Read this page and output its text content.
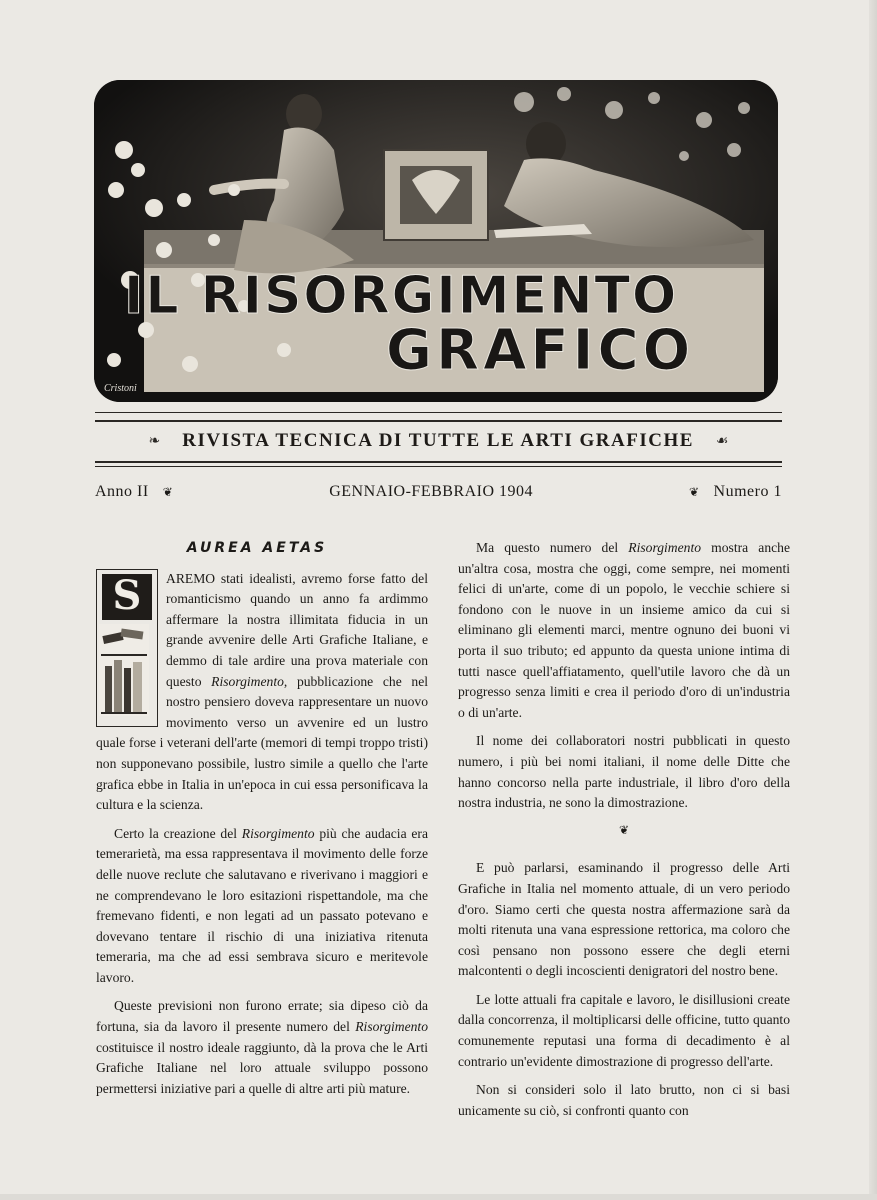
IL RISORGIMENTO
GRAFICO
Cristoni
❧ RIVISTA TECNICA DI TUTTE LE ARTI GRAFICHE ☙
Anno II ❦	GENNAIO-FEBBRAIO 1904	❦ Numero 1
AUREA AETAS
S	AREMO stati idealisti, avremo forse fatto del romanticismo quando un anno fa ardimmo affermare la nostra illimitata fiducia in un grande avvenire delle Arti Grafiche Italiane, e demmo di tale ardire una prova materiale con questo Risorgimento, pubblicazione che nel nostro pensiero doveva rappresentare un nuovo movimento verso un avvenire ed un lustro quale forse i veterani dell'arte (memori di tempi troppo tristi) non supponevano possibile, lustro simile a quello che l'arte grafica ebbe in Italia in un'epoca in cui essa personificava la cultura e la scienza.

Certo la creazione del Risorgimento più che audacia era temerarietà, ma essa rappresentava il movimento delle forze delle nuove reclute che salutavano e riverivano i maggiori e ne comprendevano le loro esitazioni rispettandole, ma che fremevano fidenti, e non legati ad un passato potevano e dovevano tentare il rischio di una iniziativa ritenuta temeraria, ma che ad essi sembrava sicuro e meritevole lavoro.

Queste previsioni non furono errate; sia dipeso ciò da fortuna, sia da lavoro il presente numero del Risorgimento costituisce il nostro ideale raggiunto, dà la prova che le Arti Grafiche Italiane nel loro attuale sviluppo possono permettersi iniziative pari a quelle di altre arti più mature.

Ma questo numero del Risorgimento mostra anche un'altra cosa, mostra che oggi, come sempre, nei momenti felici di un'arte, come di un popolo, le vecchie schiere si fondono con le nuove in un insieme amico da cui si eliminano gli elementi marci, mentre ognuno dei buoni vi porta il suo tributo; ed appunto da questa unione intima di tutti nasce quell'affiatamento, quell'utile lavoro che dà un progresso senza limiti e crea il periodo d'oro di un'industria o di un'arte.

Il nome dei collaboratori nostri pubblicati in questo numero, i più bei nomi italiani, il nome delle Ditte che hanno concorso nella parte industriale, il libro d'oro della nostra industria, ne sono la dimostrazione.

❦

E può parlarsi, esaminando il progresso delle Arti Grafiche in Italia nel momento attuale, di un vero periodo d'oro. Siamo certi che questa nostra affermazione sarà da molti ritenuta una vana espressione rettorica, ma coloro che così pensano non possono essere che degli eterni malcontenti o degli incoscienti denigratori del nostro bene.

Le lotte attuali fra capitale e lavoro, le disillusioni create dalla concorrenza, il moltiplicarsi delle officine, tutto quanto comunemente reputasi una forma di decadimento è al contrario un'evidente dimostrazione di progresso dell'arte.

Non si consideri solo il lato brutto, non ci si basi unicamente su ciò, si confronti quanto con
